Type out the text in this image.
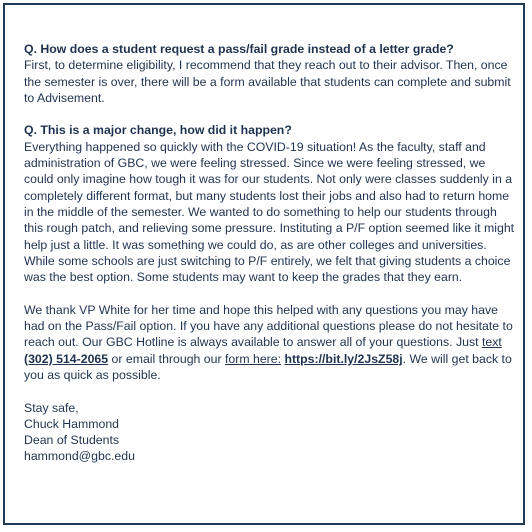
Q. How does a student request a pass/fail grade instead of a letter grade?

First, to determine eligibility, I recommend that they reach out to their advisor. Then, once the semester is over, there will be a form available that students can complete and submit to Advisement.

Q. This is a major change, how did it happen?

Everything happened so quickly with the COVID-19 situation! As the faculty, staff and administration of GBC, we were feeling stressed. Since we were feeling stressed, we could only imagine how tough it was for our students. Not only were classes suddenly in a completely different format, but many students lost their jobs and also had to return home in the middle of the semester. We wanted to do something to help our students through this rough patch, and relieving some pressure. Instituting a P/F option seemed like it might help just a little. It was something we could do, as are other colleges and universities. While some schools are just switching to P/F entirely, we felt that giving students a choice was the best option. Some students may want to keep the grades that they earn.

We thank VP White for her time and hope this helped with any questions you may have had on the Pass/Fail option. If you have any additional questions please do not hesitate to reach out. Our GBC Hotline is always available to answer all of your questions. Just text (302) 514-2065 or email through our form here: https://bit.ly/2JsZ58j. We will get back to you as quick as possible.

Stay safe,

Chuck Hammond

Dean of Students

hammond@gbc.edu
